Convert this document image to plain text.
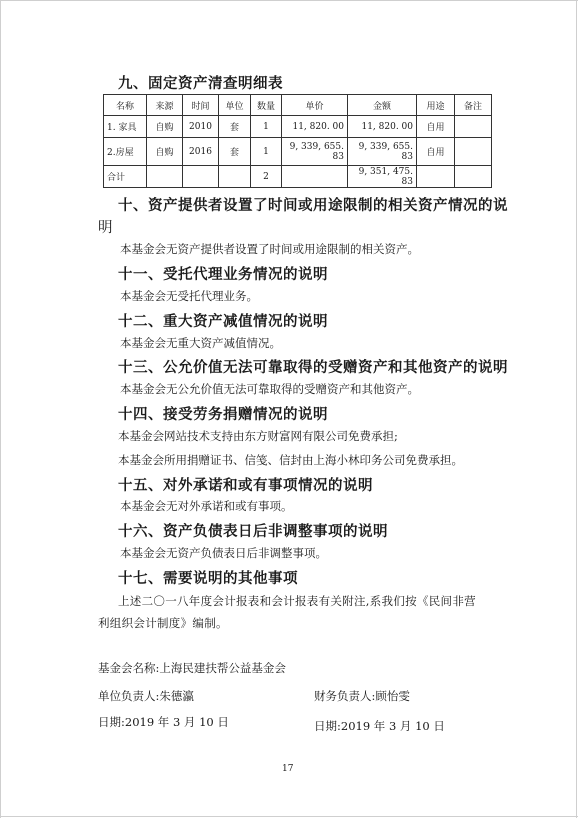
九、固定资产清查明细表
名称	来源	时间	单位	数量	单价	金额	用途	备注
1. 家具	自购	2010	套	1	11, 820. 00	11, 820. 00	自用	
2.房屋	自购	2016	套	1	9, 339, 655. 83	9, 339, 655. 83	自用	
合计				2		9, 351, 475. 83		
十、资产提供者设置了时间或用途限制的相关资产情况的说
明
本基金会无资产提供者设置了时间或用途限制的相关资产。
十一、受托代理业务情况的说明
本基金会无受托代理业务。
十二、重大资产减值情况的说明
本基金会无重大资产减值情况。
十三、公允价值无法可靠取得的受赠资产和其他资产的说明
本基金会无公允价值无法可靠取得的受赠资产和其他资产。
十四、接受劳务捐赠情况的说明
本基金会网站技术支持由东方财富网有限公司免费承担;
本基金会所用捐赠证书、信笺、信封由上海小林印务公司免费承担。
十五、对外承诺和或有事项情况的说明
本基金会无对外承诺和或有事项。
十六、资产负债表日后非调整事项的说明
本基金会无资产负债表日后非调整事项。
十七、需要说明的其他事项
上述二〇一八年度会计报表和会计报表有关附注,系我们按《民间非营
利组织会计制度》编制。
基金会名称:上海民建扶帮公益基金会
单位负责人:朱德瀛	财务负责人:顾怡雯
日期:2019 年 3 月 10 日	日期:2019 年 3 月 10 日
17
